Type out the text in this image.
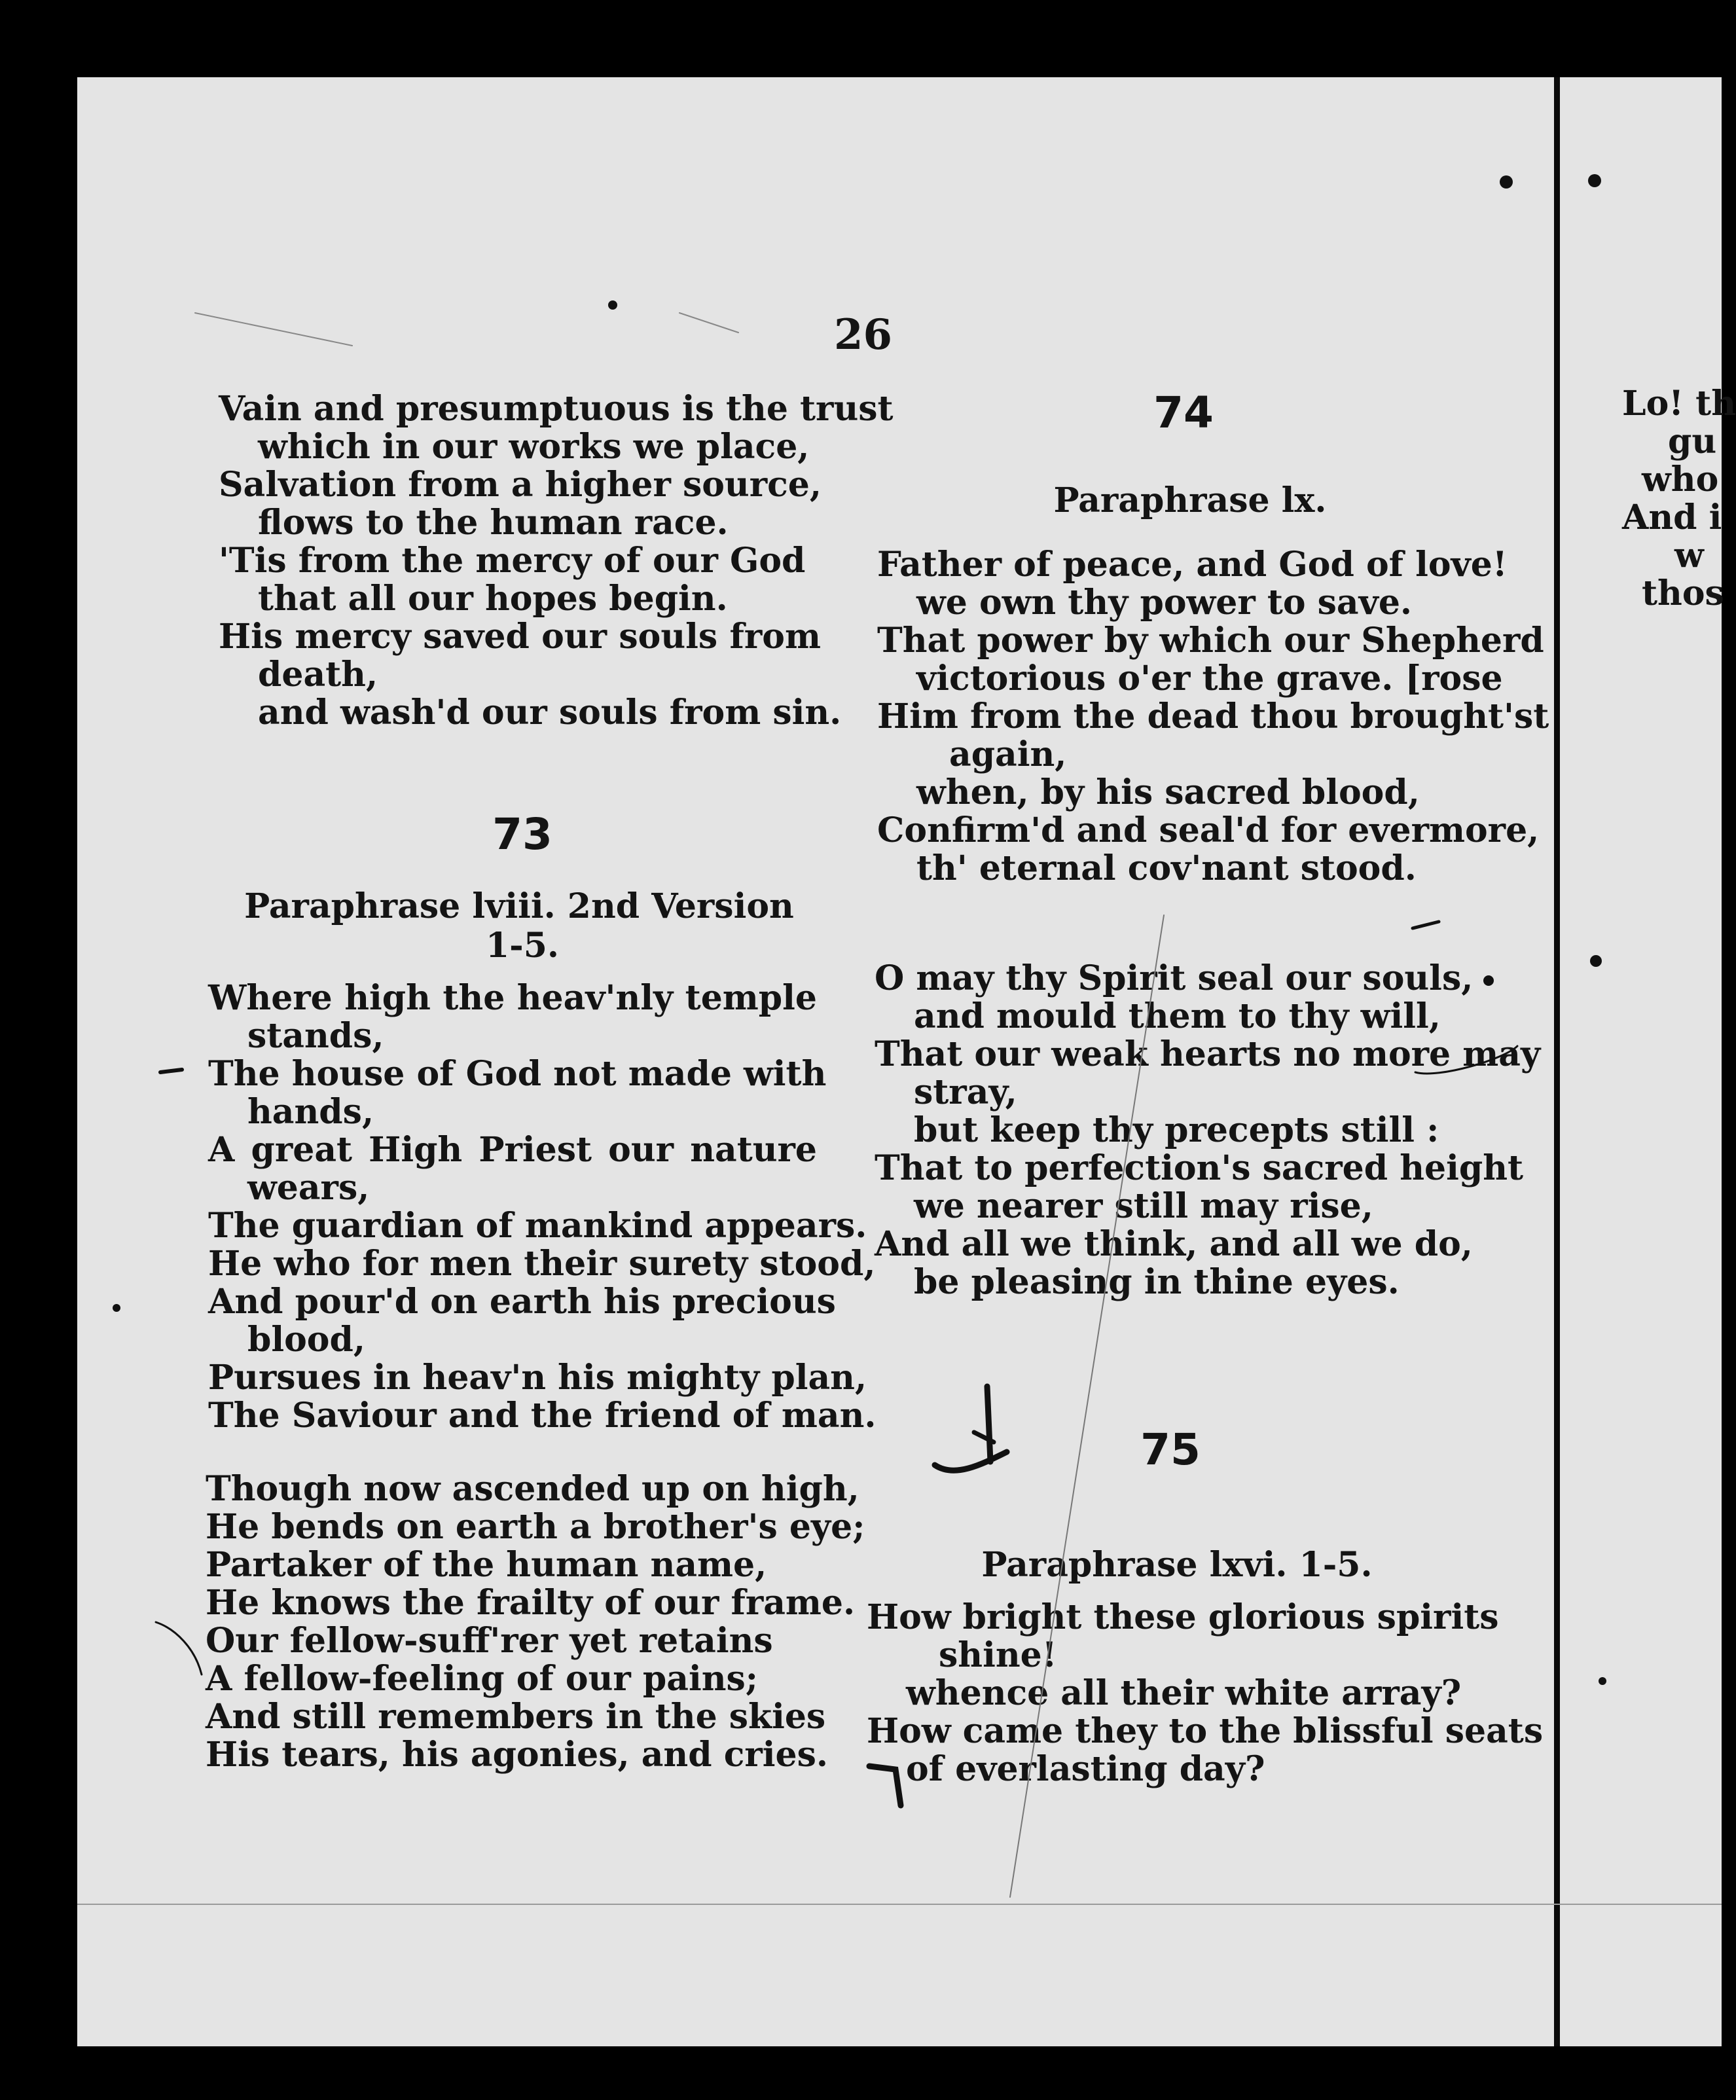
26

Vain and presumptuous is the trust

which in our works we place,

Salvation from a higher source,

flows to the human race.

'Tis from the mercy of our God

that all our hopes begin.

His mercy saved our souls from

death,

and wash'd our souls from sin.

73

Paraphrase lviii. 2nd Version

1-5.

Where high the heav'nly temple

stands,

The house of God not made with

hands,

A great High Priest our nature

wears,

The guardian of mankind appears.

He who for men their surety stood,

And pour'd on earth his precious

blood,

Pursues in heav'n his mighty plan,

The Saviour and the friend of man.

Though now ascended up on high,

He bends on earth a brother's eye;

Partaker of the human name,

He knows the frailty of our frame.

Our fellow-suff'rer yet retains

A fellow-feeling of our pains;

And still remembers in the skies

His tears, his agonies, and cries.

74

Paraphrase lx.

Father of peace, and God of love!

we own thy power to save.

That power by which our Shepherd

victorious o'er the grave. [rose

Him from the dead thou brought'st

again,

when, by his sacred blood,

Confirm'd and seal'd for evermore,

th' eternal cov'nant stood.

O may thy Spirit seal our souls,

and mould them to thy will,

That our weak hearts no more may

stray,

but keep thy precepts still :

That to perfection's sacred height

we nearer still may rise,

And all we think, and all we do,

be pleasing in thine eyes.

75

Paraphrase lxvi. 1-5.

How bright these glorious spirits

shine!

whence all their white array?

How came they to the blissful seats

of everlasting day?

Lo! th

gu

who

And i

w

thos
